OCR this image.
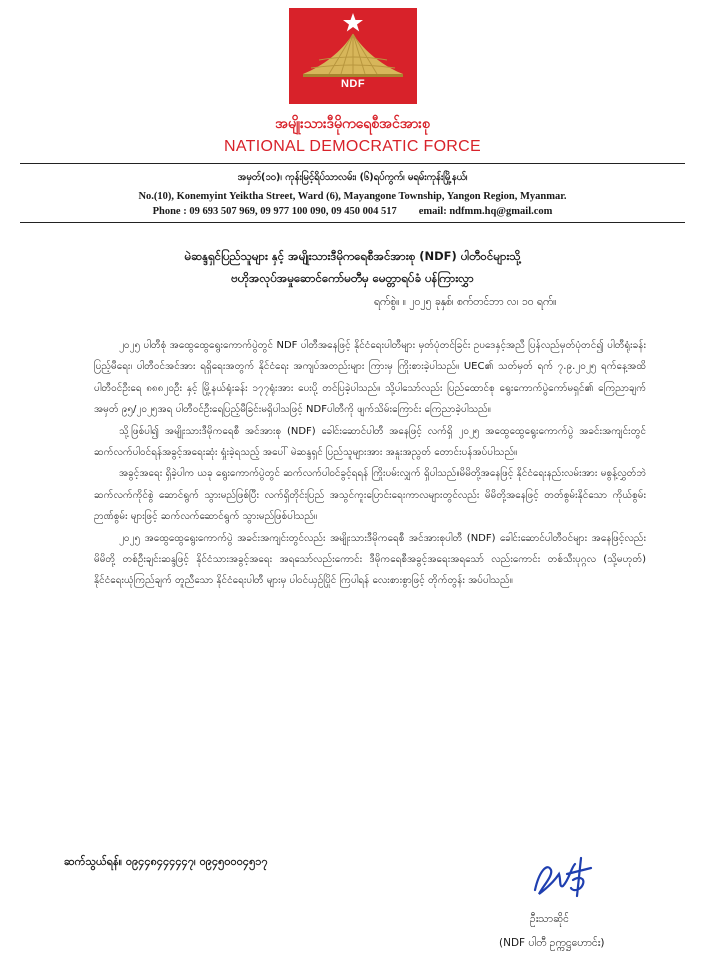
NDF
အမျိုးသားဒီမိုကရေစီအင်အားစု
NATIONAL DEMOCRATIC FORCE
အမှတ်(၁၀)၊ ကုန်းမြင့်ရိပ်သာလမ်း၊ (၆)ရပ်ကွက်၊ မရမ်းကုန်းမြို့နယ်၊
No.(10), Konemyint Yeiktha Street, Ward (6), Mayangone Township, Yangon Region, Myanmar.
Phone : 09 693 507 969, 09 977 100 090, 09 450 004 517 email: ndfmm.hq@gmail.com
မဲဆန္ဒရှင်ပြည်သူများ နှင့် အမျိုးသားဒီမိုကရေစီအင်အားစု (NDF) ပါတီဝင်များသို့
ဗဟိုအလုပ်အမှုဆောင်ကော်မတီမှ မေတ္တာရပ်ခံ ပန်ကြားလွှာ
ရက်စွဲ။ ။ ၂၀၂၅ ခုနှစ်၊ စက်တင်ဘာ လ၊ ၁၀ ရက်။

၂၀၂၅ ပါတီစုံ အထွေထွေရွေးကောက်ပွဲတွင် NDF ပါတီအနေဖြင့် နိုင်ငံရေးပါတီများ မှတ်ပုံတင်ခြင်း ဥပဒေနှင့်အညီ ပြန်လည်မှတ်ပုံတင်၍ ပါတီရုံးခန်းပြည့်မီရေး၊ ပါတီဝင်အင်အား ရရှိရေးအတွက် နိုင်ငံရေး အကျပ်အတည်းများ ကြားမှ ကြိုးစားခဲ့ပါသည်။ UEC၏ သတ်မှတ် ရက် ၇.၉.၂၀၂၅ ရက်နေ့အထိ ပါတီဝင်ဦးရေ ၈၈၈၂၀ဦး နှင့် မြို့နယ်ရုံးခန်း ၁၇၇ရုံးအား ပေးပို့ တင်ပြခဲ့ပါသည်။ သို့ပါသော်လည်း ပြည်ထောင်စု ရွေးကောက်ပွဲကော်မရှင်၏ ကြေညာချက် အမှတ် ၉၅/၂၀၂၅အရ ပါတီဝင်ဦးရေပြည့်မီခြင်းမရှိပါသဖြင့် NDFပါတီကို ဖျက်သိမ်းကြောင်း ကြေညာခဲ့ပါသည်။

သို့ဖြစ်ပါ၍ အမျိုးသားဒီမိုကရေစီ အင်အားစု (NDF) ခေါင်းဆောင်ပါတီ အနေဖြင့် လက်ရှိ ၂၀၂၅ အထွေထွေရွေးကောက်ပွဲ အခင်းအကျင်းတွင် ဆက်လက်ပါဝင်ရန်အခွင့်အရေးဆုံး ရှုံးခဲ့ရသည့် အပေါ် မဲဆန္ဒရှင် ပြည်သူများအား အနူးအညွတ် တောင်းပန်အပ်ပါသည်။

အခွင့်အရေး ရှိခဲ့ပါက ယခု ရွေးကောက်ပွဲတွင် ဆက်လက်ပါဝင်ခွင့်ရရန် ကြိုးပမ်းလျှက် ရှိပါသည်။မိမိတို့အနေဖြင့် နိုင်ငံရေးနည်းလမ်းအား မစွန့်လွှတ်ဘဲ ဆက်လက်ကိုင်စွဲ ဆောင်ရွက် သွားမည်ဖြစ်ပြီး လက်ရှိတိုင်းပြည် အသွင်ကူးပြောင်းရေးကာလများတွင်လည်း မိမိတို့အနေဖြင့် တတ်စွမ်းနိုင်သော ကိုယ်စွမ်းဉာဏ်စွမ်း များဖြင့် ဆက်လက်ဆောင်ရွက် သွားမည်ဖြစ်ပါသည်။

၂၀၂၅ အထွေထွေရွေးကောက်ပွဲ အခင်းအကျင်းတွင်လည်း အမျိုးသားဒီမိုကရေစီ အင်အားစုပါတီ (NDF) ခေါင်းဆောင်ပါတီဝင်များ အနေဖြင့်လည်း မိမိတို့ တစ်ဦးချင်းဆန္ဒဖြင့် နိုင်ငံသားအခွင့်အရေး အရသော်လည်းကောင်း ဒီမိုကရေစီအခွင့်အရေးအရသော် လည်းကောင်း တစ်သီးပုဂ္ဂလ (သို့မဟုတ်) နိုင်ငံရေးယုံကြည်ချက် တူညီသော နိုင်ငံရေးပါတီ များမှ ပါဝင်ယှဉ်ပြိုင် ကြပါရန် လေးစားစွာဖြင့် တိုက်တွန်း အပ်ပါသည်။

ဆက်သွယ်ရန်။ ၀၉၄၄၈၄၄၄၄၄၇၊ ၀၉၄၅၀၀၀၄၅၁၇
ဦးသာဆိုင်
(NDF ပါတီ ဥက္ကဋ္ဌဟောင်း)
